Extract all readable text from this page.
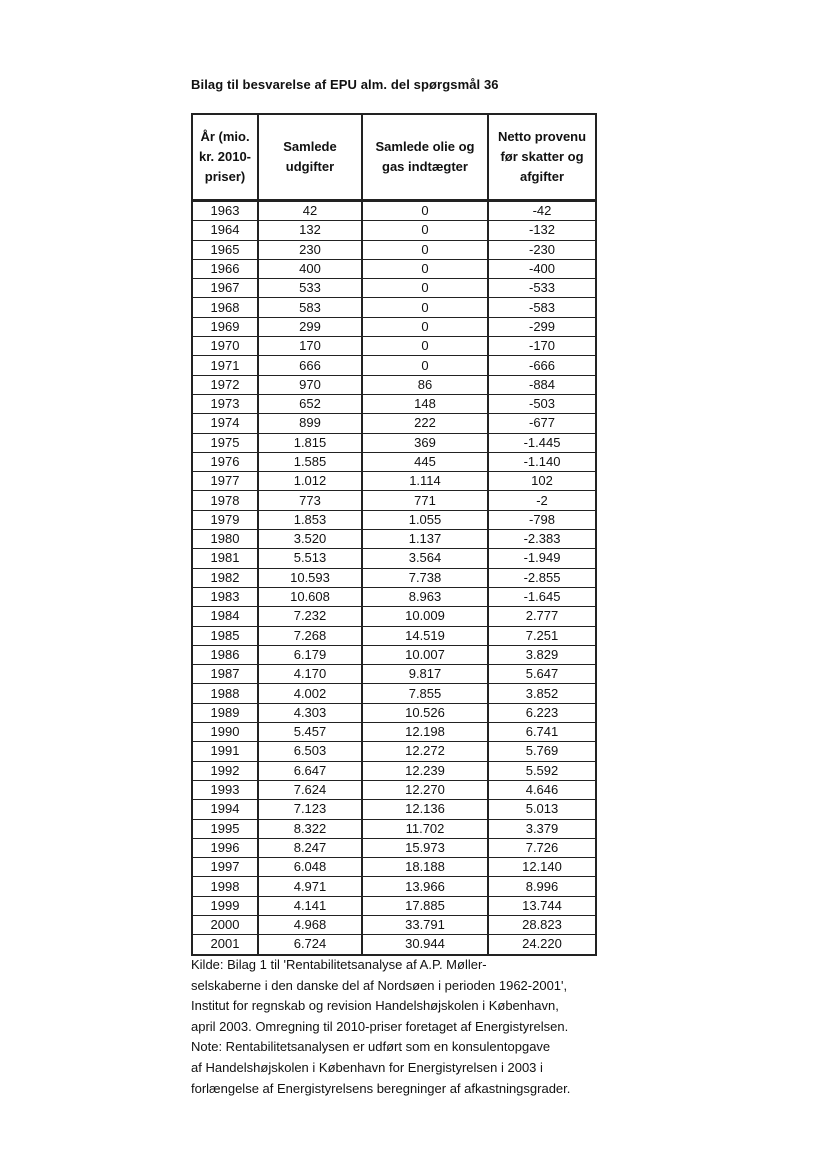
Bilag til besvarelse af EPU alm. del spørgsmål 36
År (mio. kr. 2010-priser)	Samlede udgifter	Samlede olie og gas indtægter	Netto provenu før skatter og afgifter
1963	42	0	-42
1964	132	0	-132
1965	230	0	-230
1966	400	0	-400
1967	533	0	-533
1968	583	0	-583
1969	299	0	-299
1970	170	0	-170
1971	666	0	-666
1972	970	86	-884
1973	652	148	-503
1974	899	222	-677
1975	1.815	369	-1.445
1976	1.585	445	-1.140
1977	1.012	1.114	102
1978	773	771	-2
1979	1.853	1.055	-798
1980	3.520	1.137	-2.383
1981	5.513	3.564	-1.949
1982	10.593	7.738	-2.855
1983	10.608	8.963	-1.645
1984	7.232	10.009	2.777
1985	7.268	14.519	7.251
1986	6.179	10.007	3.829
1987	4.170	9.817	5.647
1988	4.002	7.855	3.852
1989	4.303	10.526	6.223
1990	5.457	12.198	6.741
1991	6.503	12.272	5.769
1992	6.647	12.239	5.592
1993	7.624	12.270	4.646
1994	7.123	12.136	5.013
1995	8.322	11.702	3.379
1996	8.247	15.973	7.726
1997	6.048	18.188	12.140
1998	4.971	13.966	8.996
1999	4.141	17.885	13.744
2000	4.968	33.791	28.823
2001	6.724	30.944	24.220

Kilde: Bilag 1 til 'Rentabilitetsanalyse af A.P. Møller-

selskaberne i den danske del af Nordsøen i perioden 1962-2001',

Institut for regnskab og revision Handelshøjskolen i København,

april 2003. Omregning til 2010-priser foretaget af Energistyrelsen.

Note: Rentabilitetsanalysen er udført som en konsulentopgave

af Handelshøjskolen i København for Energistyrelsen i 2003 i

forlængelse af Energistyrelsens beregninger af afkastningsgrader.
